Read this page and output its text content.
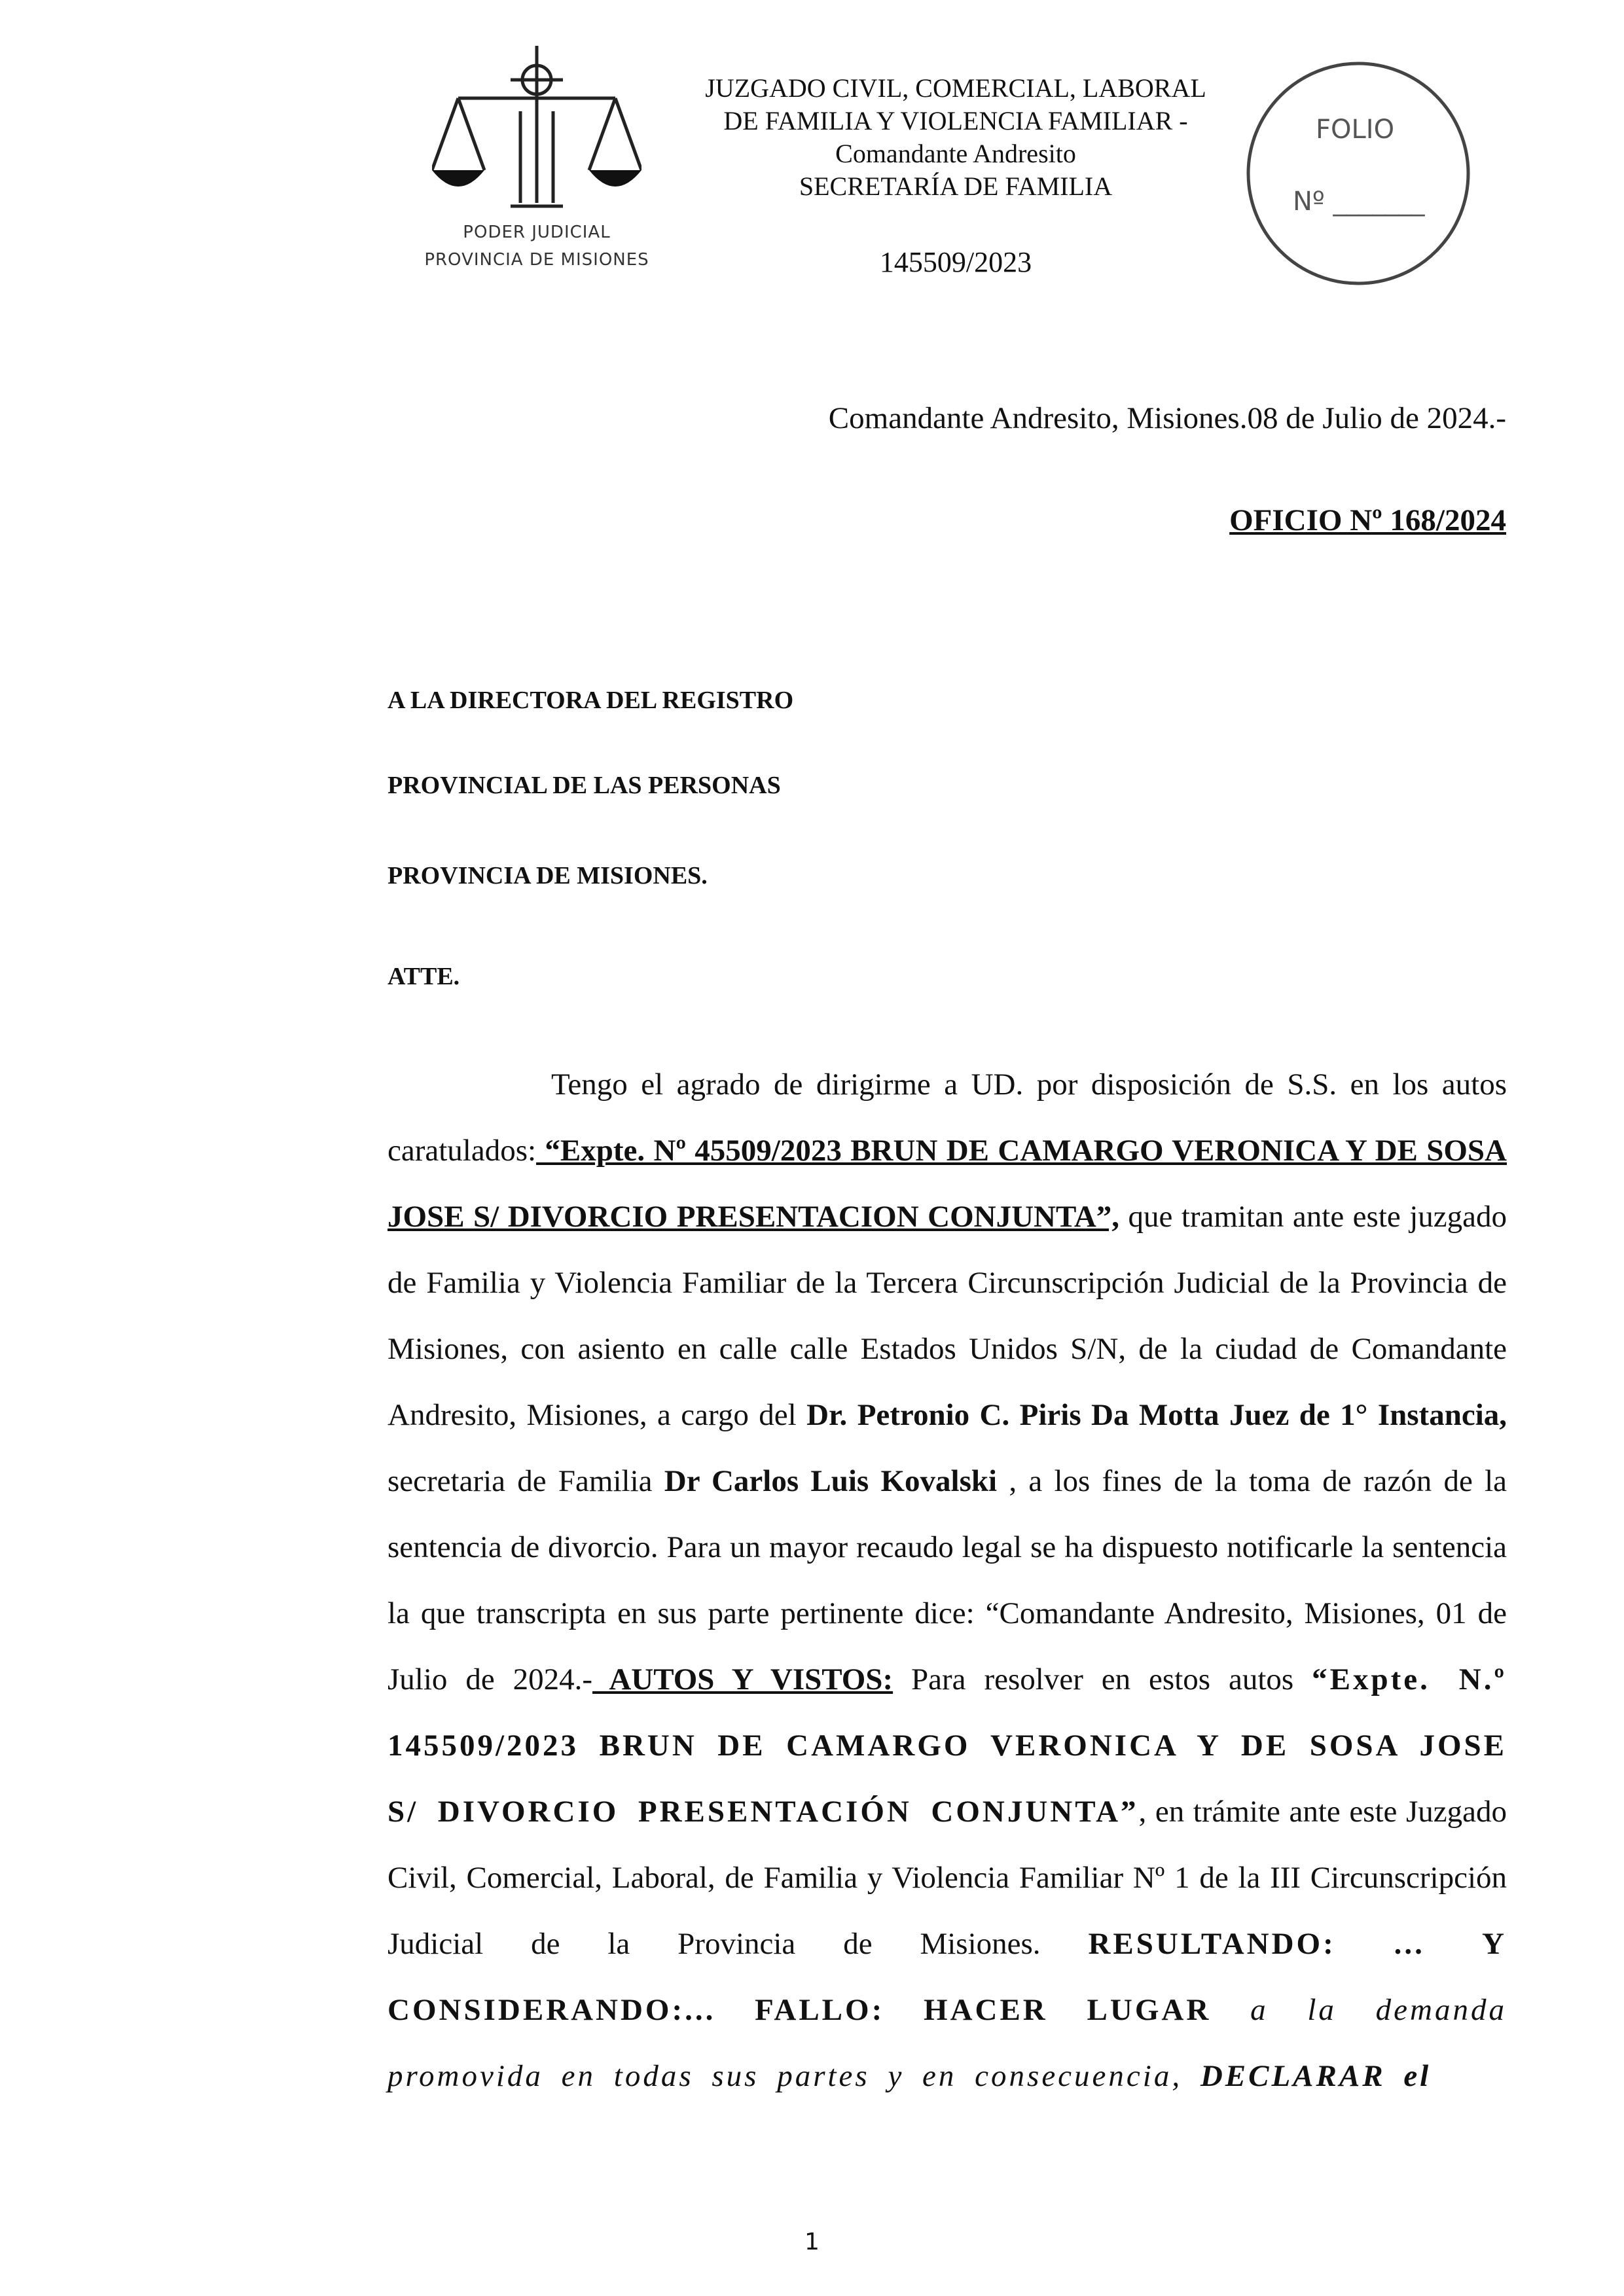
PODER JUDICIAL
PROVINCIA DE MISIONES
JUZGADO CIVIL, COMERCIAL, LABORAL
DE FAMILIA Y VIOLENCIA FAMILIAR -
Comandante Andresito
SECRETARÍA DE FAMILIA
145509/2023
FOLIO
Nº _______
Comandante Andresito, Misiones.08 de Julio de 2024.-
OFICIO Nº 168/2024
A LA DIRECTORA DEL REGISTRO
PROVINCIAL DE LAS PERSONAS
PROVINCIA DE MISIONES.
ATTE.

Tengo el agrado de dirigirme a UD. por disposición de S.S. en los autos caratulados: “Expte. Nº 45509/2023 BRUN DE CAMARGO VERONICA Y DE SOSA JOSE S/ DIVORCIO PRESENTACION CONJUNTA”, que tramitan ante este juzgado de Familia y Violencia Familiar de la Tercera Circunscripción Judicial de la Provincia de Misiones, con asiento en calle calle Estados Unidos S/N, de la ciudad de Comandante Andresito, Misiones, a cargo del Dr. Petronio C. Piris Da Motta Juez de 1° Instancia, secretaria de Familia Dr Carlos Luis Kovalski , a los fines de la toma de razón de la sentencia de divorcio. Para un mayor recaudo legal se ha dispuesto notificarle la sentencia la que transcripta en sus parte pertinente dice: “Comandante Andresito, Misiones, 01 de Julio de 2024.- AUTOS Y VISTOS: Para resolver en estos autos “Expte. N.º 145509/2023 BRUN DE CAMARGO VERONICA Y DE SOSA JOSE S/ DIVORCIO PRESENTACIÓN CONJUNTA”, en trámite ante este Juzgado Civil, Comercial, Laboral, de Familia y Violencia Familiar Nº 1 de la III Circunscripción Judicial de la Provincia de Misiones. RESULTANDO: ... Y CONSIDERANDO:... FALLO: HACER LUGAR a la demanda promovida en todas sus partes y en consecuencia, DECLARAR el

1
